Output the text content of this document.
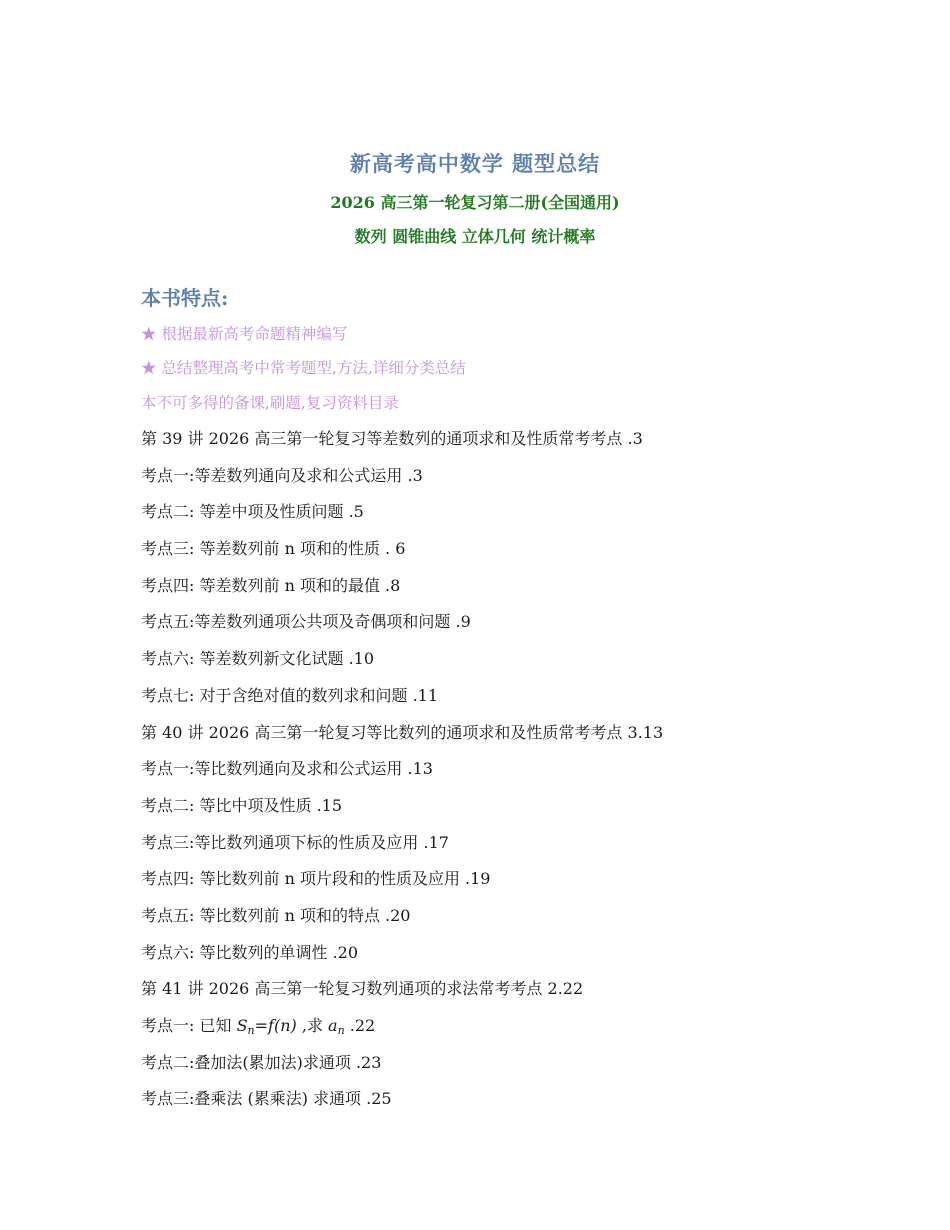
新高考高中数学 题型总结
2026 高三第一轮复习第二册(全国通用)
数列 圆锥曲线 立体几何 统计概率
本书特点:
★ 根据最新高考命题精神编写
★ 总结整理高考中常考题型,方法,详细分类总结
本不可多得的备课,刷题,复习资料目录
第 39 讲 2026 高三第一轮复习等差数列的通项求和及性质常考考点 .3
考点一:等差数列通向及求和公式运用 .3
考点二: 等差中项及性质问题 .5
考点三: 等差数列前 n 项和的性质 . 6
考点四: 等差数列前 n 项和的最值 .8
考点五:等差数列通项公共项及奇偶项和问题 .9
考点六: 等差数列新文化试题 .10
考点七: 对于含绝对值的数列求和问题 .11
第 40 讲 2026 高三第一轮复习等比数列的通项求和及性质常考考点 3.13
考点一:等比数列通向及求和公式运用 .13
考点二: 等比中项及性质 .15
考点三:等比数列通项下标的性质及应用 .17
考点四: 等比数列前 n 项片段和的性质及应用 .19
考点五: 等比数列前 n 项和的特点 .20
考点六: 等比数列的单调性 .20
第 41 讲 2026 高三第一轮复习数列通项的求法常考考点 2.22
考点一: 已知 $S_n=f(n)$ ,求 $a_n$ .22
考点二:叠加法(累加法)求通项 .23
考点三:叠乘法 (累乘法) 求通项 .25
